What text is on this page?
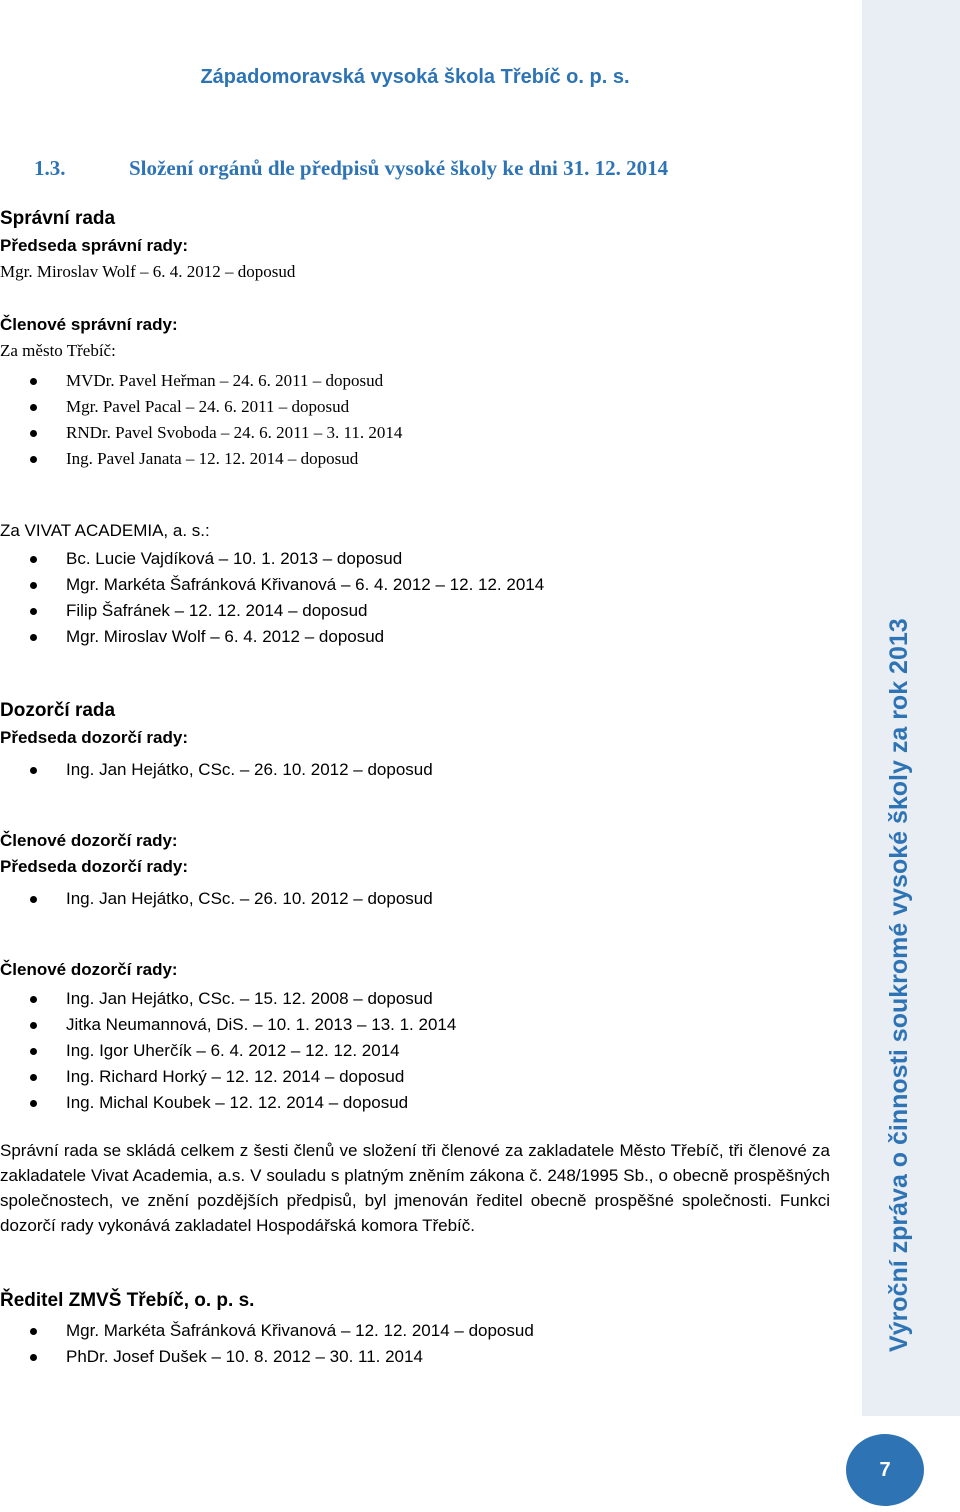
Západomoravská vysoká škola Třebíč o. p. s.
1.3.	Složení orgánů dle předpisů vysoké školy ke dni 31. 12. 2014
Správní rada
Předseda správní rady:
Mgr. Miroslav Wolf – 6. 4. 2012 – doposud
Členové správní rady:
Za město Třebíč:
MVDr. Pavel Heřman – 24. 6. 2011 – doposud
Mgr. Pavel Pacal – 24. 6. 2011 – doposud
RNDr. Pavel Svoboda – 24. 6. 2011 – 3. 11. 2014
Ing. Pavel Janata – 12. 12. 2014 – doposud
Za VIVAT ACADEMIA, a. s.:
Bc. Lucie Vajdíková – 10. 1. 2013 – doposud
Mgr. Markéta Šafránková Křivanová – 6. 4. 2012 – 12. 12. 2014
Filip Šafránek – 12. 12. 2014 – doposud
Mgr. Miroslav Wolf – 6. 4. 2012 – doposud
Dozorčí rada
Předseda dozorčí rady:
Ing. Jan Hejátko, CSc. – 26. 10. 2012 – doposud
Členové dozorčí rady:
Předseda dozorčí rady:
Ing. Jan Hejátko, CSc. – 26. 10. 2012 – doposud
Členové dozorčí rady:
Ing. Jan Hejátko, CSc. – 15. 12. 2008 – doposud
Jitka Neumannová, DiS. – 10. 1. 2013 – 13. 1. 2014
Ing. Igor Uherčík – 6. 4. 2012 – 12. 12. 2014
Ing. Richard Horký – 12. 12. 2014 – doposud
Ing. Michal Koubek – 12. 12. 2014 – doposud
Správní rada se skládá celkem z šesti členů ve složení tři členové za zakladatele Město Třebíč, tři členové za zakladatele Vivat Academia, a.s. V souladu s platným zněním zákona č. 248/1995 Sb., o obecně prospěšných společnostech, ve znění pozdějších předpisů, byl jmenován ředitel obecně prospěšné společnosti. Funkci dozorčí rady vykonává zakladatel Hospodářská komora Třebíč.
Ředitel ZMVŠ Třebíč, o. p. s.
Mgr. Markéta Šafránková Křivanová – 12. 12. 2014 – doposud
PhDr. Josef Dušek – 10. 8. 2012 – 30. 11. 2014
Výroční zpráva o činnosti soukromé vysoké školy za rok 2013
7
